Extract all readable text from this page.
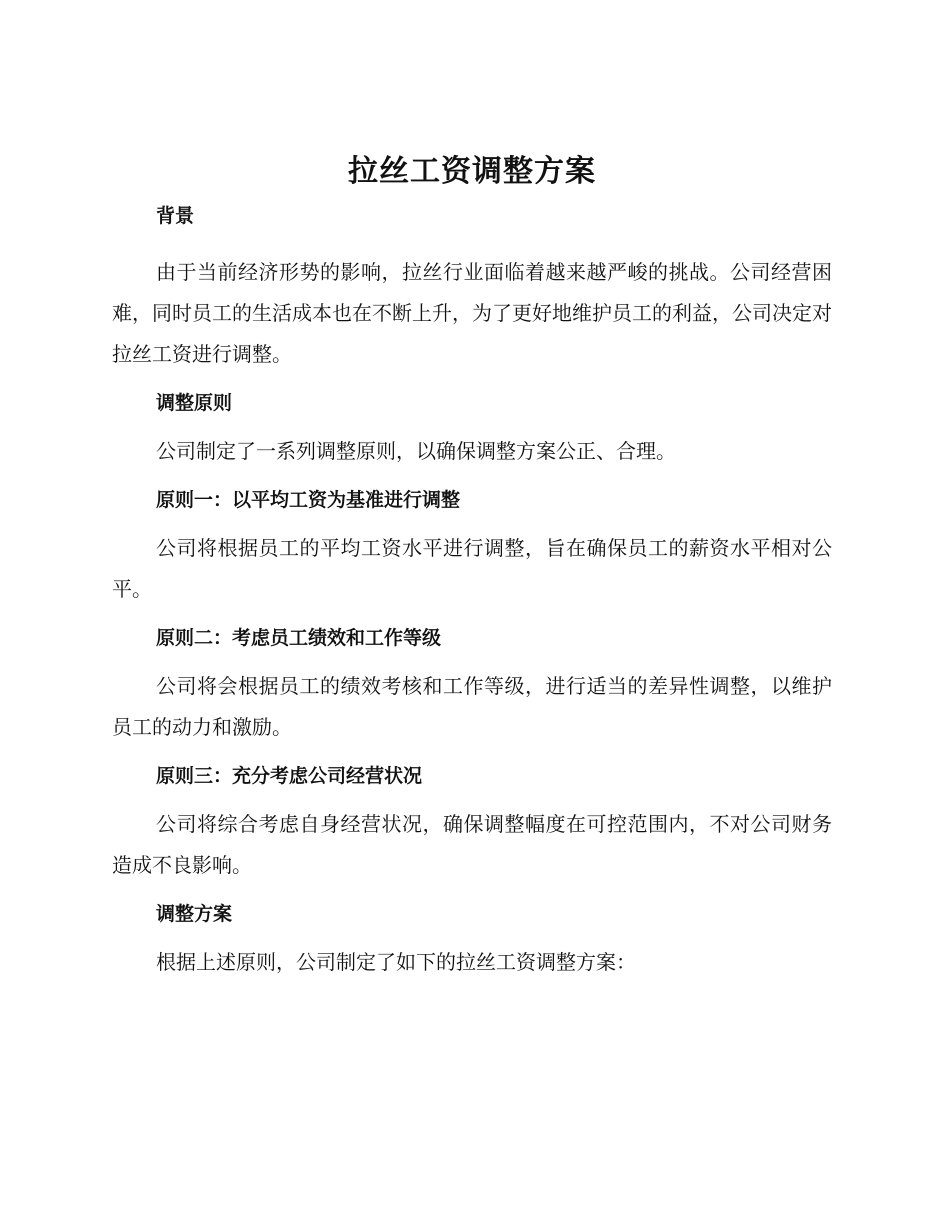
拉丝工资调整方案
背景

由于当前经济形势的影响，拉丝行业面临着越来越严峻的挑战。公司经营困难，同时员工的生活成本也在不断上升，为了更好地维护员工的利益，公司决定对拉丝工资进行调整。

调整原则

公司制定了一系列调整原则，以确保调整方案公正、合理。

原则一：以平均工资为基准进行调整

公司将根据员工的平均工资水平进行调整，旨在确保员工的薪资水平相对公平。

原则二：考虑员工绩效和工作等级

公司将会根据员工的绩效考核和工作等级，进行适当的差异性调整，以维护员工的动力和激励。

原则三：充分考虑公司经营状况

公司将综合考虑自身经营状况，确保调整幅度在可控范围内，不对公司财务造成不良影响。

调整方案

根据上述原则，公司制定了如下的拉丝工资调整方案：
